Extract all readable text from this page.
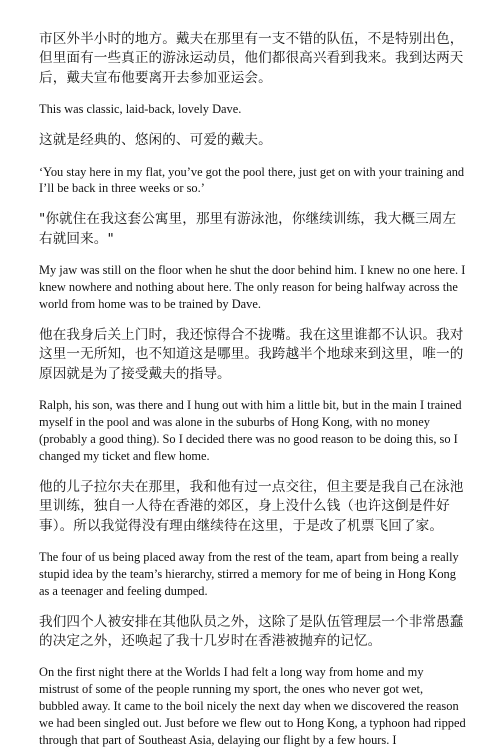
市区外半小时的地方。戴夫在那里有一支不错的队伍，不是特别出色，但里面有一些真正的游泳运动员，他们都很高兴看到我来。我到达两天后，戴夫宣布他要离开去参加亚运会。

This was classic, laid-back, lovely Dave.

这就是经典的、悠闲的、可爱的戴夫。

‘You stay here in my flat, you’ve got the pool there, just get on with your training and I’ll be back in three weeks or so.’

"你就住在我这套公寓里，那里有游泳池，你继续训练，我大概三周左右就回来。"

My jaw was still on the floor when he shut the door behind him. I knew no one here. I knew nowhere and nothing about here. The only reason for being halfway across the world from home was to be trained by Dave.

他在我身后关上门时，我还惊得合不拢嘴。我在这里谁都不认识。我对这里一无所知，也不知道这是哪里。我跨越半个地球来到这里，唯一的原因就是为了接受戴夫的指导。

Ralph, his son, was there and I hung out with him a little bit, but in the main I trained myself in the pool and was alone in the suburbs of Hong Kong, with no money (probably a good thing). So I decided there was no good reason to be doing this, so I changed my ticket and flew home.

他的儿子拉尔夫在那里，我和他有过一点交往，但主要是我自己在泳池里训练，独自一人待在香港的郊区，身上没什么钱（也许这倒是件好事）。所以我觉得没有理由继续待在这里，于是改了机票飞回了家。

The four of us being placed away from the rest of the team, apart from being a really stupid idea by the team’s hierarchy, stirred a memory for me of being in Hong Kong as a teenager and feeling dumped.

我们四个人被安排在其他队员之外，这除了是队伍管理层一个非常愚蠢的决定之外，还唤起了我十几岁时在香港被抛弃的记忆。

On the first night there at the Worlds I had felt a long way from home and my mistrust of some of the people running my sport, the ones who never got wet, bubbled away. It came to the boil nicely the next day when we discovered the reason we had been singled out. Just before we flew out to Hong Kong, a typhoon had ripped through that part of Southeast Asia, delaying our flight by a few hours. I
